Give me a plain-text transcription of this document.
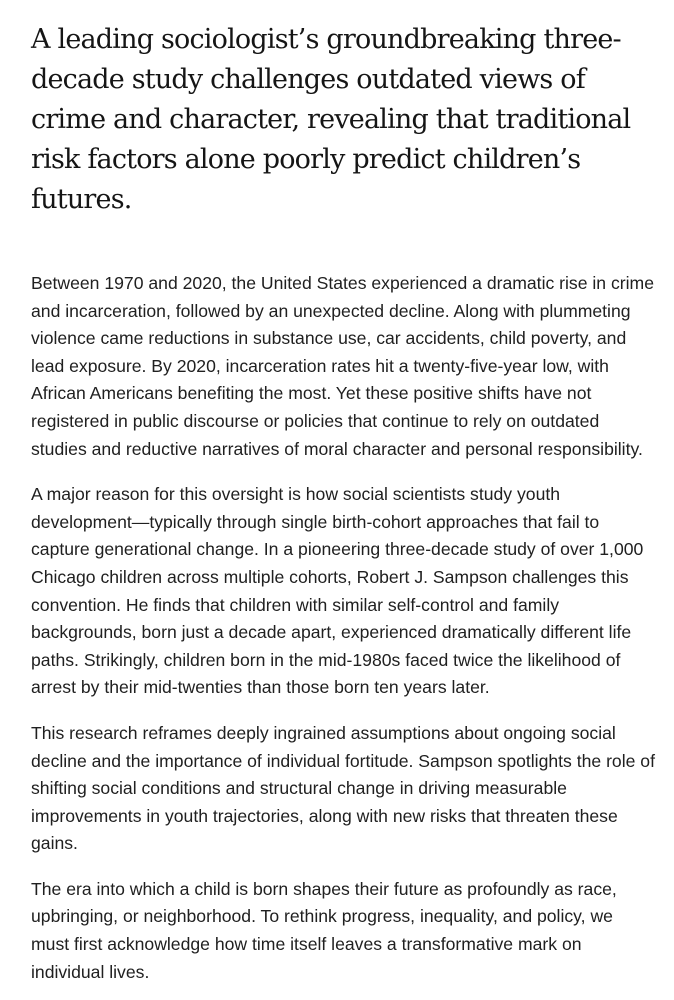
A leading sociologist’s groundbreaking three-decade study challenges outdated views of crime and character, revealing that traditional risk factors alone poorly predict children’s futures.

Between 1970 and 2020, the United States experienced a dramatic rise in crime and incarceration, followed by an unexpected decline. Along with plummeting violence came reductions in substance use, car accidents, child poverty, and lead exposure. By 2020, incarceration rates hit a twenty-five-year low, with African Americans benefiting the most. Yet these positive shifts have not registered in public discourse or policies that continue to rely on outdated studies and reductive narratives of moral character and personal responsibility.

A major reason for this oversight is how social scientists study youth development—typically through single birth-cohort approaches that fail to capture generational change. In a pioneering three-decade study of over 1,000 Chicago children across multiple cohorts, Robert J. Sampson challenges this convention. He finds that children with similar self-control and family backgrounds, born just a decade apart, experienced dramatically different life paths. Strikingly, children born in the mid-1980s faced twice the likelihood of arrest by their mid-twenties than those born ten years later.

This research reframes deeply ingrained assumptions about ongoing social decline and the importance of individual fortitude. Sampson spotlights the role of shifting social conditions and structural change in driving measurable improvements in youth trajectories, along with new risks that threaten these gains.

The era into which a child is born shapes their future as profoundly as race, upbringing, or neighborhood. To rethink progress, inequality, and policy, we must first acknowledge how time itself leaves a transformative mark on individual lives.
